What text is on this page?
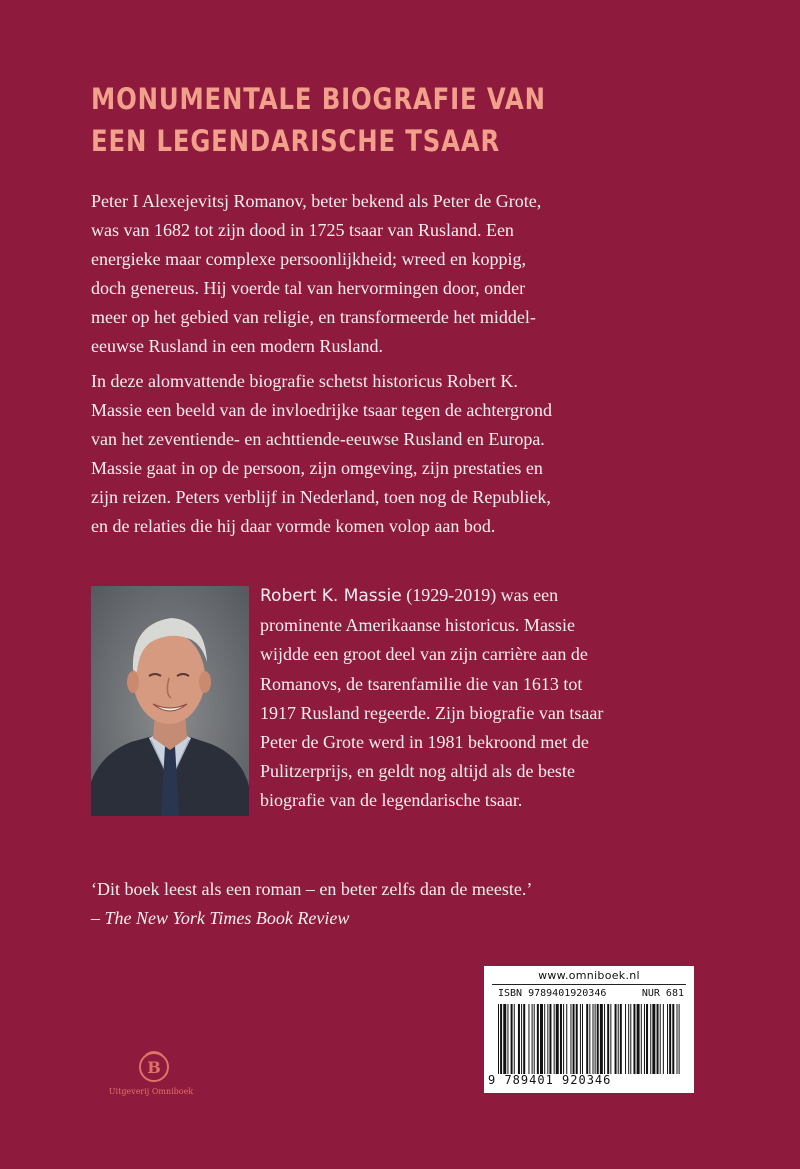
MONUMENTALE BIOGRAFIE VAN
EEN LEGENDARISCHE TSAAR
Peter I Alexejevitsj Romanov, beter bekend als Peter de Grote,
was van 1682 tot zijn dood in 1725 tsaar van Rusland. Een
energieke maar complexe persoonlijkheid; wreed en koppig,
doch genereus. Hij voerde tal van hervormingen door, onder
meer op het gebied van religie, en transformeerde het middel-
eeuwse Rusland in een modern Rusland.
In deze alomvattende biografie schetst historicus Robert K.
Massie een beeld van de invloedrijke tsaar tegen de achtergrond
van het zeventiende- en achttiende-eeuwse Rusland en Europa.
Massie gaat in op de persoon, zijn omgeving, zijn prestaties en
zijn reizen. Peters verblijf in Nederland, toen nog de Republiek,
en de relaties die hij daar vormde komen volop aan bod.
Robert K. Massie (1929-2019) was een
prominente Amerikaanse historicus. Massie
wijdde een groot deel van zijn carrière aan de
Romanovs, de tsarenfamilie die van 1613 tot
1917 Rusland regeerde. Zijn biografie van tsaar
Peter de Grote werd in 1981 bekroond met de
Pulitzerprijs, en geldt nog altijd als de beste
biografie van de legendarische tsaar.
‘Dit boek leest als een roman – en beter zelfs dan de meeste.’
– The New York Times Book Review
www.omniboek.nl
ISBN 9789401920346	NUR 681
9 789401 920346
B
Uitgeverij Omniboek
